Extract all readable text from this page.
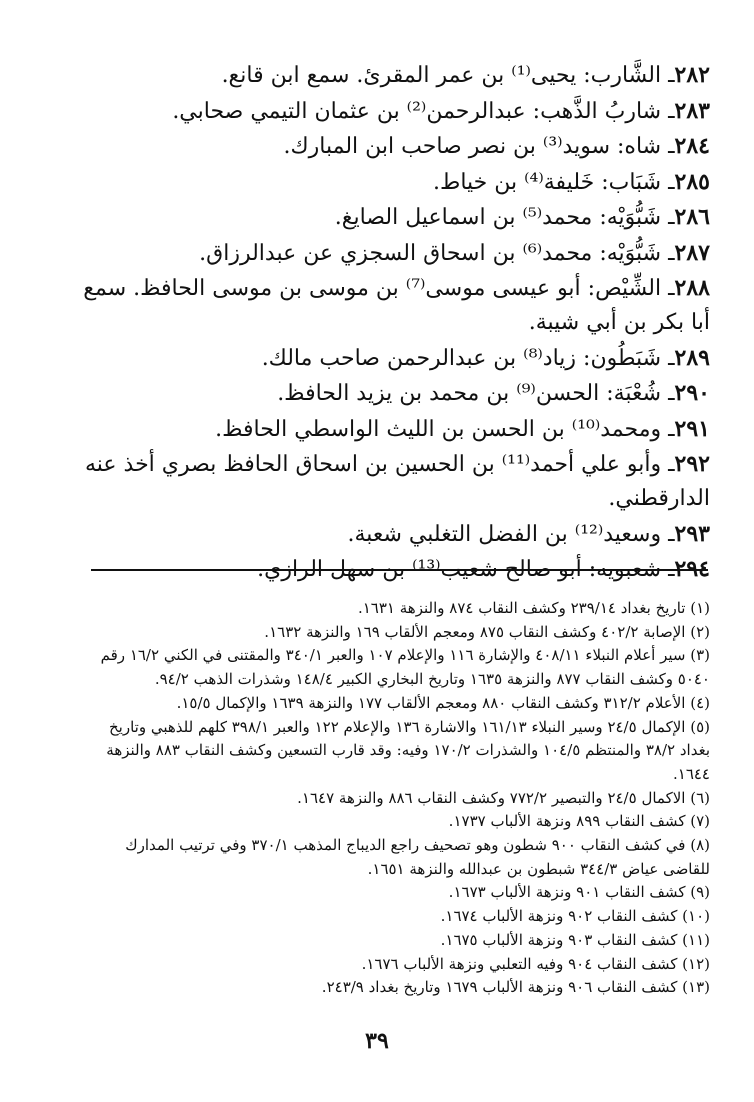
٢٨٢ـ الشَّارب: يحيى⁽¹⁾ بن عمر المقرئ. سمع ابن قانع.
٢٨٣ـ شاربُ الذَّهب: عبدالرحمن⁽²⁾ بن عثمان التيمي صحابي.
٢٨٤ـ شاه: سويد⁽³⁾ بن نصر صاحب ابن المبارك.
٢٨٥ـ شَبَاب: خَليفة⁽⁴⁾ بن خياط.
٢٨٦ـ شَبُّوَيْه: محمد⁽⁵⁾ بن اسماعيل الصايغ.
٢٨٧ـ شَبُّوَيْه: محمد⁽⁶⁾ بن اسحاق السجزي عن عبدالرزاق.
٢٨٨ـ الشِّيْص: أبو عيسى موسى⁽⁷⁾ بن موسى بن موسى الحافظ. سمع أبا بكر بن أبي شيبة.
٢٨٩ـ شَبَطُون: زياد⁽⁸⁾ بن عبدالرحمن صاحب مالك.
٢٩٠ـ شُعْبَة: الحسن⁽⁹⁾ بن محمد بن يزيد الحافظ.
٢٩١ـ ومحمد⁽¹⁰⁾ بن الحسن بن الليث الواسطي الحافظ.
٢٩٢ـ وأبو علي أحمد⁽¹¹⁾ بن الحسين بن اسحاق الحافظ بصري أخذ عنه الدارقطني.
٢٩٣ـ وسعيد⁽¹²⁾ بن الفضل التغلبي شعبة.
٢٩٤ـ شعبويه: أبو صالح شعيب⁽¹³⁾ بن سهل الرازي.
(١) تاريخ بغداد ٢٣٩/١٤ وكشف النقاب ٨٧٤ والنزهة ١٦٣١.
(٢) الإصابة ٤٠٢/٢ وكشف النقاب ٨٧٥ ومعجم الألقاب ١٦٩ والنزهة ١٦٣٢.
(٣) سير أعلام النبلاء ٤٠٨/١١ والإشارة ١١٦ والإعلام ١٠٧ والعبر ٣٤٠/١ والمقتنى في الكني ١٦/٢ رقم ٥٠٤٠ وكشف النقاب ٨٧٧ والنزهة ١٦٣٥ وتاريخ البخاري الكبير ١٤٨/٤ وشذرات الذهب ٩٤/٢.
(٤) الأعلام ٣١٢/٢ وكشف النقاب ٨٨٠ ومعجم الألقاب ١٧٧ والنزهة ١٦٣٩ والإكمال ١٥/٥.
(٥) الإكمال ٢٤/٥ وسير النبلاء ١٦١/١٣ والاشارة ١٣٦ والإعلام ١٢٢ والعبر ٣٩٨/١ كلهم للذهبي وتاريخ بغداد ٣٨/٢ والمنتظم ١٠٤/٥ والشذرات ١٧٠/٢ وفيه: وقد قارب التسعين وكشف النقاب ٨٨٣ والنزهة ١٦٤٤.
(٦) الاكمال ٢٤/٥ والتبصير ٧٧٢/٢ وكشف النقاب ٨٨٦ والنزهة ١٦٤٧.
(٧) كشف النقاب ٨٩٩ ونزهة الألباب ١٧٣٧.
(٨) في كشف النقاب ٩٠٠ شطون وهو تصحيف راجع الديباج المذهب ٣٧٠/١ وفي ترتيب المدارك للقاضى عياض ٣٤٤/٣ شبطون بن عبدالله والنزهة ١٦٥١.
(٩) كشف النقاب ٩٠١ ونزهة الألباب ١٦٧٣.
(١٠) كشف النقاب ٩٠٢ ونزهة الألباب ١٦٧٤.
(١١) كشف النقاب ٩٠٣ ونزهة الألباب ١٦٧٥.
(١٢) كشف النقاب ٩٠٤ وفيه التعلبي ونزهة الألباب ١٦٧٦.
(١٣) كشف النقاب ٩٠٦ ونزهة الألباب ١٦٧٩ وتاريخ بغداد ٢٤٣/٩.
٣٩
